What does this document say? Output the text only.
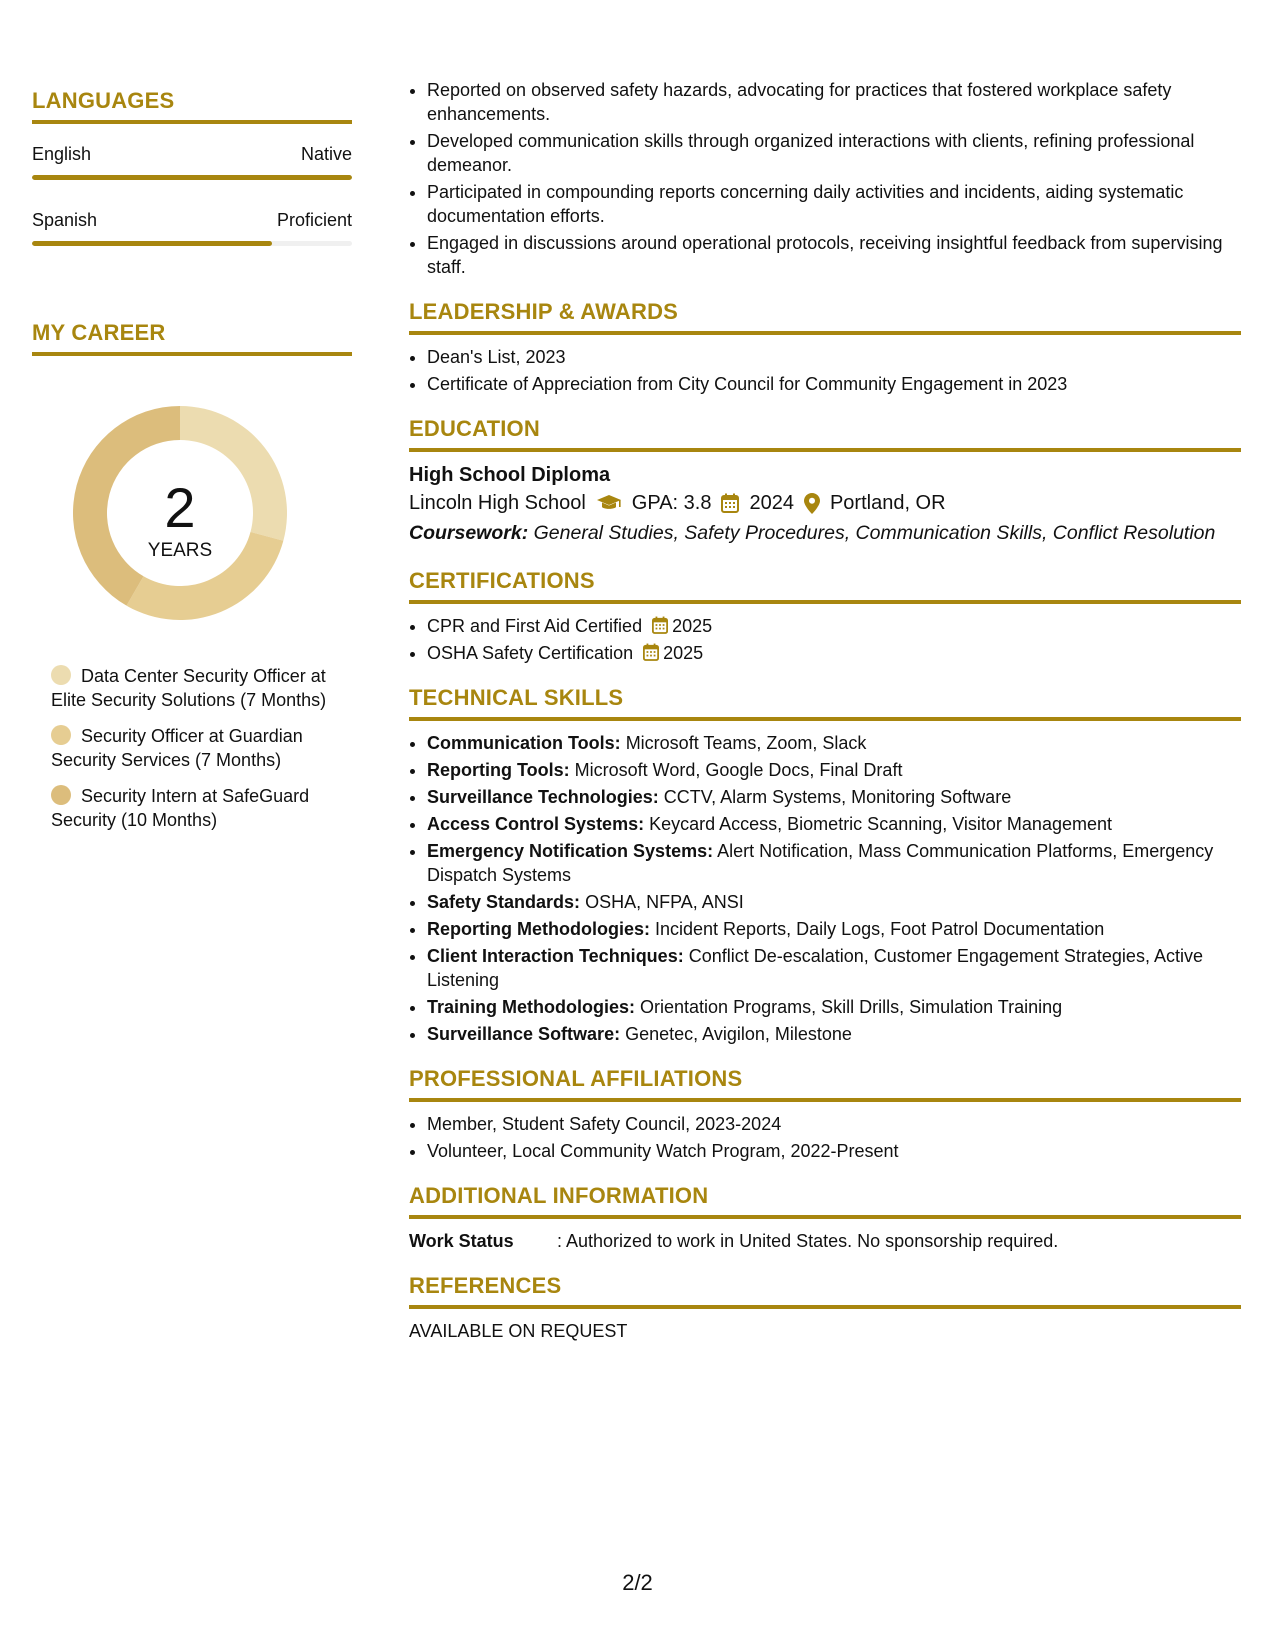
LANGUAGES
English	Native
Spanish	Proficient
MY CAREER
2
YEARS
Data Center Security Officer at Elite Security Solutions (7 Months)
Security Officer at Guardian Security Services (7 Months)
Security Intern at SafeGuard Security (10 Months)
• Reported on observed safety hazards, advocating for practices that fostered workplace safety enhancements.
• Developed communication skills through organized interactions with clients, refining professional demeanor.
• Participated in compounding reports concerning daily activities and incidents, aiding systematic documentation efforts.
• Engaged in discussions around operational protocols, receiving insightful feedback from supervising staff.
LEADERSHIP & AWARDS
• Dean's List, 2023
• Certificate of Appreciation from City Council for Community Engagement in 2023
EDUCATION
High School Diploma
Lincoln High School GPA: 3.8 2024 Portland, OR
Coursework: General Studies, Safety Procedures, Communication Skills, Conflict Resolution
CERTIFICATIONS
• CPR and First Aid Certified 2025
• OSHA Safety Certification 2025
TECHNICAL SKILLS
• Communication Tools: Microsoft Teams, Zoom, Slack
• Reporting Tools: Microsoft Word, Google Docs, Final Draft
• Surveillance Technologies: CCTV, Alarm Systems, Monitoring Software
• Access Control Systems: Keycard Access, Biometric Scanning, Visitor Management
• Emergency Notification Systems: Alert Notification, Mass Communication Platforms, Emergency Dispatch Systems
• Safety Standards: OSHA, NFPA, ANSI
• Reporting Methodologies: Incident Reports, Daily Logs, Foot Patrol Documentation
• Client Interaction Techniques: Conflict De-escalation, Customer Engagement Strategies, Active Listening
• Training Methodologies: Orientation Programs, Skill Drills, Simulation Training
• Surveillance Software: Genetec, Avigilon, Milestone
PROFESSIONAL AFFILIATIONS
• Member, Student Safety Council, 2023-2024
• Volunteer, Local Community Watch Program, 2022-Present
ADDITIONAL INFORMATION
Work Status	: Authorized to work in United States. No sponsorship required.
REFERENCES
AVAILABLE ON REQUEST
2/2
